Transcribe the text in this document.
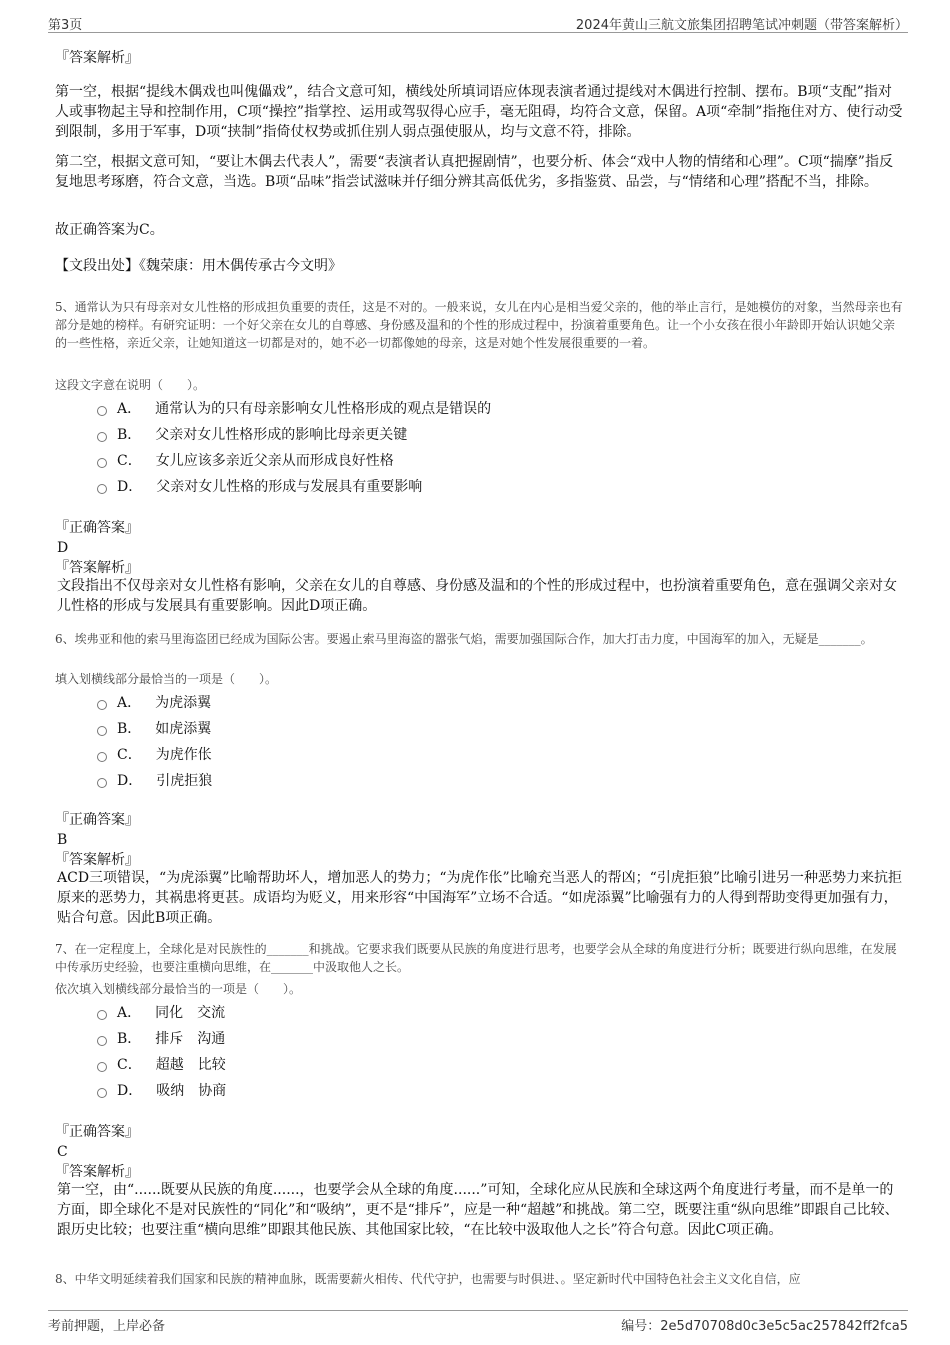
第3页	2024年黄山三航文旅集团招聘笔试冲刺题（带答案解析）
『答案解析』
第一空，根据“提线木偶戏也叫傀儡戏”，结合文意可知，横线处所填词语应体现表演者通过提线对木偶进行控制、摆布。B项“支配”指对人或事物起主导和控制作用，C项“操控”指掌控、运用或驾驭得心应手，毫无阻碍，均符合文意，保留。A项“牵制”指拖住对方、使行动受到限制，多用于军事，D项“挟制”指倚仗权势或抓住别人弱点强使服从，均与文意不符，排除。
第二空，根据文意可知，“要让木偶去代表人”，需要“表演者认真把握剧情”，也要分析、体会“戏中人物的情绪和心理”。C项“揣摩”指反复地思考琢磨，符合文意，当选。B项“品味”指尝试滋味并仔细分辨其高低优劣，多指鉴赏、品尝，与“情绪和心理”搭配不当，排除。
故正确答案为C。
【文段出处】《魏荣康：用木偶传承古今文明》
5、通常认为只有母亲对女儿性格的形成担负重要的责任，这是不对的。一般来说，女儿在内心是相当爱父亲的，他的举止言行，是她模仿的对象，当然母亲也有部分是她的榜样。有研究证明：一个好父亲在女儿的自尊感、身份感及温和的个性的形成过程中，扮演着重要角色。让一个小女孩在很小年龄即开始认识她父亲的一些性格，亲近父亲，让她知道这一切都是对的，她不必一切都像她的母亲，这是对她个性发展很重要的一着。
这段文字意在说明（　　）。
A． 通常认为的只有母亲影响女儿性格形成的观点是错误的
B． 父亲对女儿性格形成的影响比母亲更关键
C． 女儿应该多亲近父亲从而形成良好性格
D． 父亲对女儿性格的形成与发展具有重要影响
『正确答案』
D
『答案解析』
文段指出不仅母亲对女儿性格有影响，父亲在女儿的自尊感、身份感及温和的个性的形成过程中，也扮演着重要角色，意在强调父亲对女儿性格的形成与发展具有重要影响。因此D项正确。
6、埃弗亚和他的索马里海盗团已经成为国际公害。要遏止索马里海盗的嚣张气焰，需要加强国际合作，加大打击力度，中国海军的加入，无疑是_______。
填入划横线部分最恰当的一项是（　　）。
A． 为虎添翼
B． 如虎添翼
C． 为虎作伥
D． 引虎拒狼
『正确答案』
B
『答案解析』
ACD三项错误，“为虎添翼”比喻帮助坏人，增加恶人的势力；“为虎作伥”比喻充当恶人的帮凶；“引虎拒狼”比喻引进另一种恶势力来抗拒原来的恶势力，其祸患将更甚。成语均为贬义，用来形容“中国海军”立场不合适。“如虎添翼”比喻强有力的人得到帮助变得更加强有力，贴合句意。因此B项正确。
7、在一定程度上，全球化是对民族性的_______和挑战。它要求我们既要从民族的角度进行思考，也要学会从全球的角度进行分析；既要进行纵向思维，在发展中传承历史经验，也要注重横向思维，在_______中汲取他人之长。
依次填入划横线部分最恰当的一项是（　　）。
A． 同化　交流
B． 排斥　沟通
C． 超越　比较
D． 吸纳　协商
『正确答案』
C
『答案解析』
第一空，由“......既要从民族的角度......，也要学会从全球的角度......”可知，全球化应从民族和全球这两个角度进行考量，而不是单一的方面，即全球化不是对民族性的“同化”和“吸纳”，更不是“排斥”，应是一种“超越”和挑战。第二空，既要注重“纵向思维”即跟自己比较、跟历史比较；也要注重“横向思维”即跟其他民族、其他国家比较，“在比较中汲取他人之长”符合句意。因此C项正确。
8、中华文明延续着我们国家和民族的精神血脉，既需要薪火相传、代代守护，也需要与时俱进、。坚定新时代中国特色社会主义文化自信，应
考前押题，上岸必备	编号：2e5d70708d0c3e5c5ac257842ff2fca5
